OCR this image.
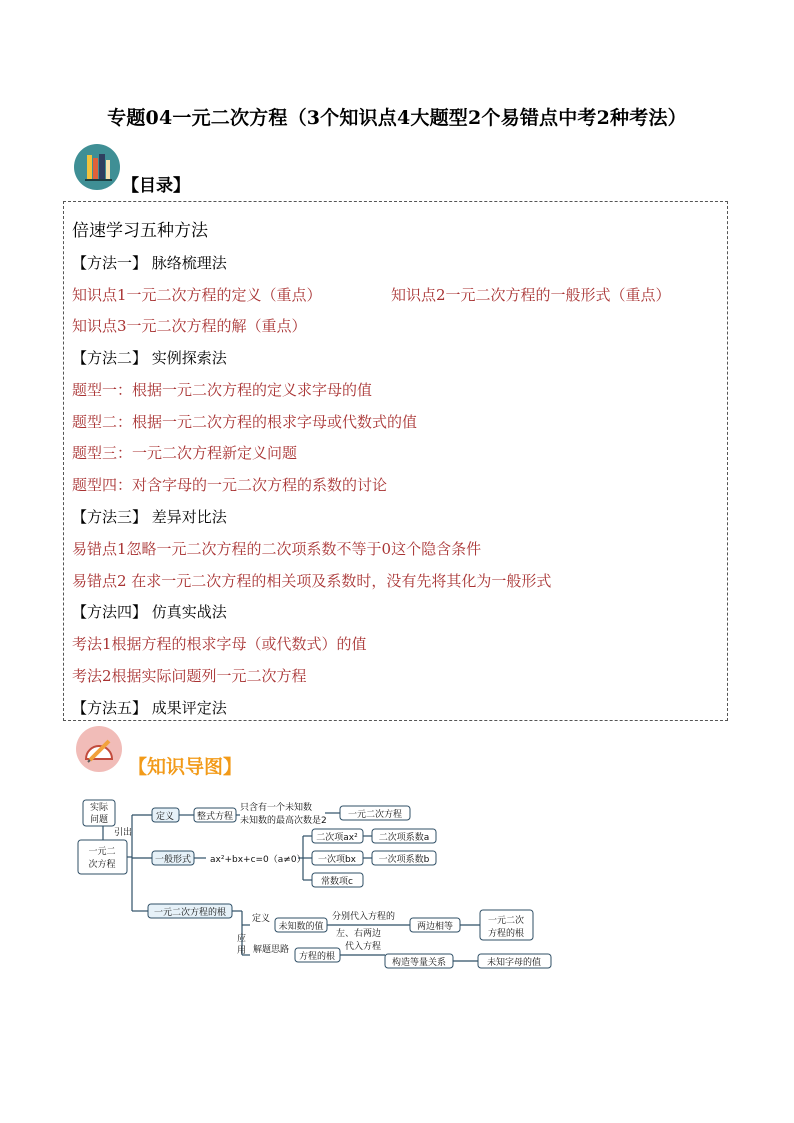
专题04一元二次方程（3个知识点4大题型2个易错点中考2种考法）
【目录】
倍速学习五种方法
【方法一】 脉络梳理法
知识点1一元二次方程的定义（重点）	知识点2一元二次方程的一般形式（重点）
知识点3一元二次方程的解（重点）
【方法二】 实例探索法
题型一：根据一元二次方程的定义求字母的值
题型二：根据一元二次方程的根求字母或代数式的值
题型三：一元二次方程新定义问题
题型四：对含字母的一元二次方程的系数的讨论
【方法三】 差异对比法
易错点1忽略一元二次方程的二次项系数不等于0这个隐含条件
易错点2 在求一元二次方程的相关项及系数时，没有先将其化为一般形式
【方法四】 仿真实战法
考法1根据方程的根求字母（或代数式）的值
考法2根据实际问题列一元二次方程
【方法五】 成果评定法
【知识导图】
实际
问题
引出
一元二
次方程
定义	整式方程
只含有一个未知数
未知数的最高次数是2
一元二次方程
一般形式 ax²+bx+c=0（a≠0）
二次项ax² 二次项系数a
一次项bx	一次项系数b
常数项c
一元二次方程的根
定义
未知数的值
分别代入方程的
左、右两边
两边相等
一元二次
方程的根
应
用 解题思路
方程的根
代入方程
构造等量关系	未知字母的值
